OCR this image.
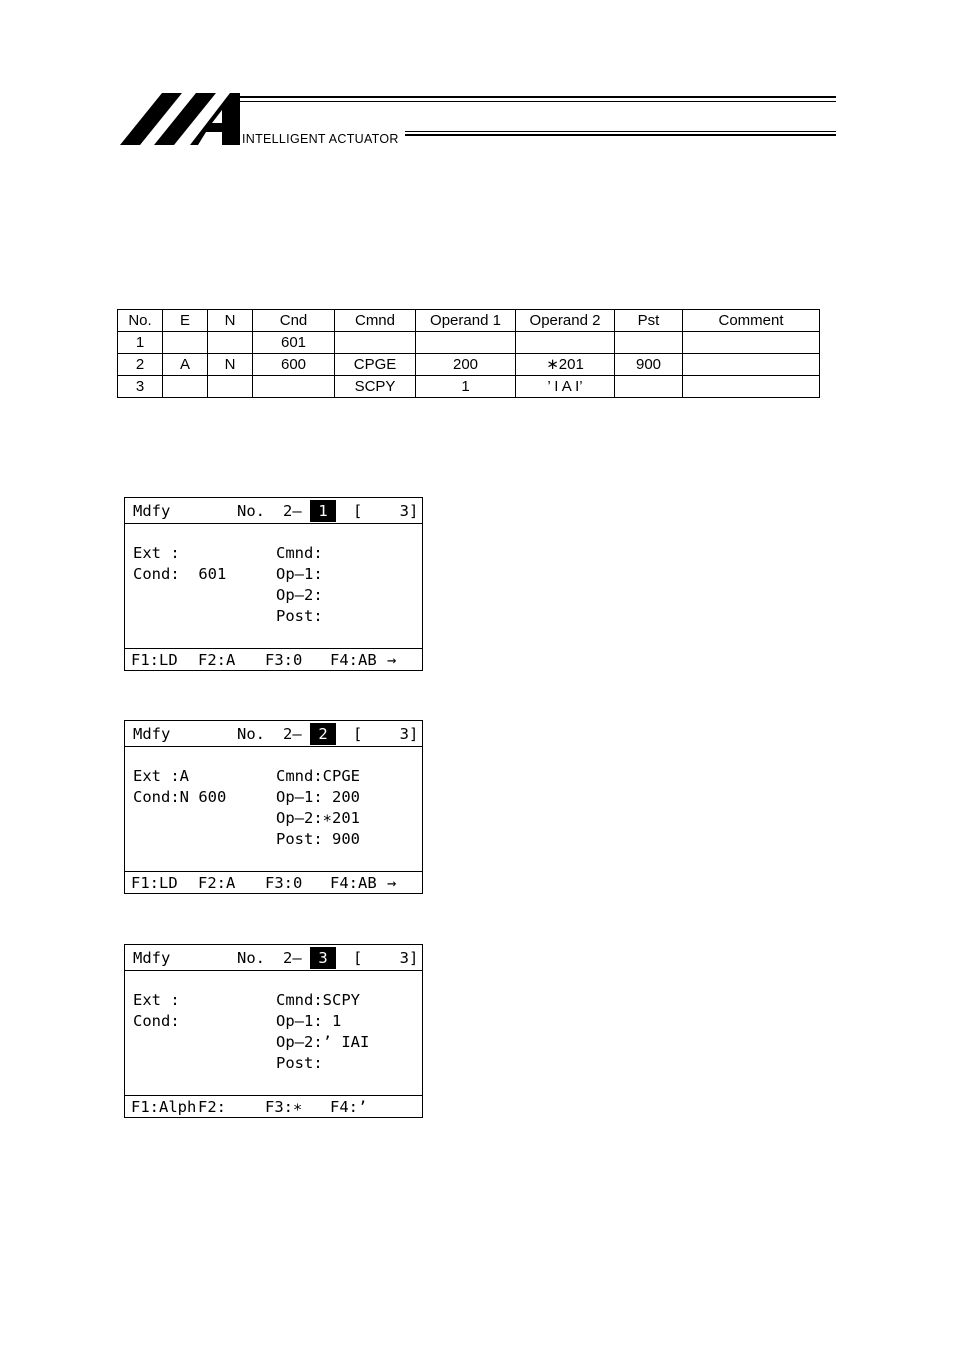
INTELLIGENT ACTUATOR
No.	E	N	Cnd	Cmnd	Operand 1	Operand 2	Pst	Comment
1			601					
2	A	N	600	CPGE	200	∗201	900	
3				SCPY	1	’ I A I’		
Mdfy	No. 2–	1	[    3]
Ext :
Cond:  601
Cmnd:
Op–1:
Op–2:
Post:
F1:LD F2:A F3:0 F4:AB →
Mdfy	No. 2–	2	[    3]
Ext :A
Cond:N 600
Cmnd:CPGE
Op–1: 200
Op–2:∗201
Post: 900
F1:LD F2:A F3:0 F4:AB →
Mdfy	No. 2–	3	[    3]
Ext :
Cond:
Cmnd:SCPY
Op–1: 1
Op–2:’ IAI
Post:
F1:Alph F2:	F3:∗ F4:’
